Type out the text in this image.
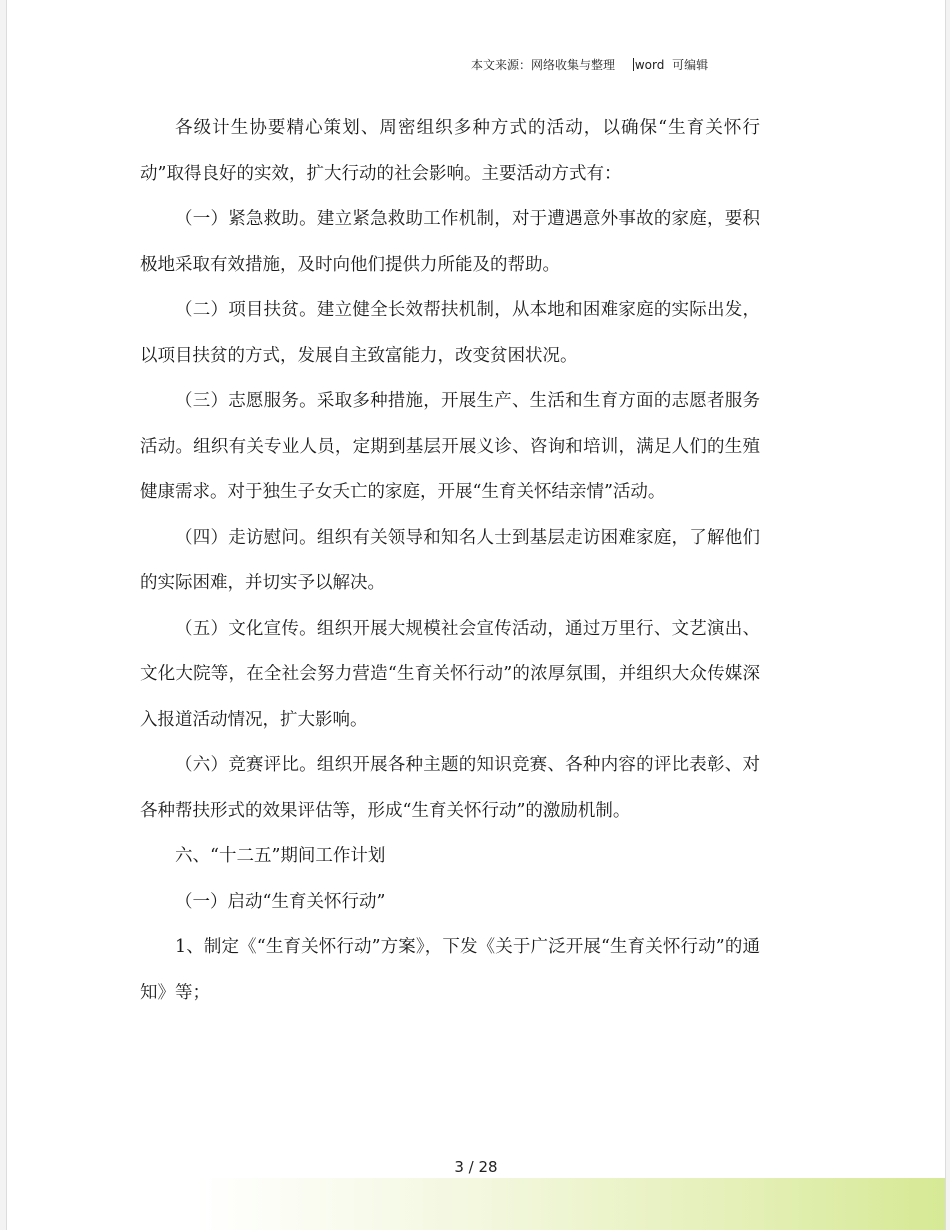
本文来源：网络收集与整理 word 可编辑

各级计生协要精心策划、周密组织多种方式的活动，以确保“生育关怀行动”取得良好的实效，扩大行动的社会影响。主要活动方式有：

（一）紧急救助。建立紧急救助工作机制，对于遭遇意外事故的家庭，要积极地采取有效措施，及时向他们提供力所能及的帮助。

（二）项目扶贫。建立健全长效帮扶机制，从本地和困难家庭的实际出发，以项目扶贫的方式，发展自主致富能力，改变贫困状况。

（三）志愿服务。采取多种措施，开展生产、生活和生育方面的志愿者服务活动。组织有关专业人员，定期到基层开展义诊、咨询和培训，满足人们的生殖健康需求。对于独生子女夭亡的家庭，开展“生育关怀结亲情”活动。

（四）走访慰问。组织有关领导和知名人士到基层走访困难家庭，了解他们的实际困难，并切实予以解决。

（五）文化宣传。组织开展大规模社会宣传活动，通过万里行、文艺演出、文化大院等，在全社会努力营造“生育关怀行动”的浓厚氛围，并组织大众传媒深入报道活动情况，扩大影响。

（六）竞赛评比。组织开展各种主题的知识竞赛、各种内容的评比表彰、对各种帮扶形式的效果评估等，形成“生育关怀行动”的激励机制。

六、“十二五”期间工作计划

（一）启动“生育关怀行动”

1、制定《“生育关怀行动”方案》，下发《关于广泛开展“生育关怀行动”的通知》等；

3 / 28
